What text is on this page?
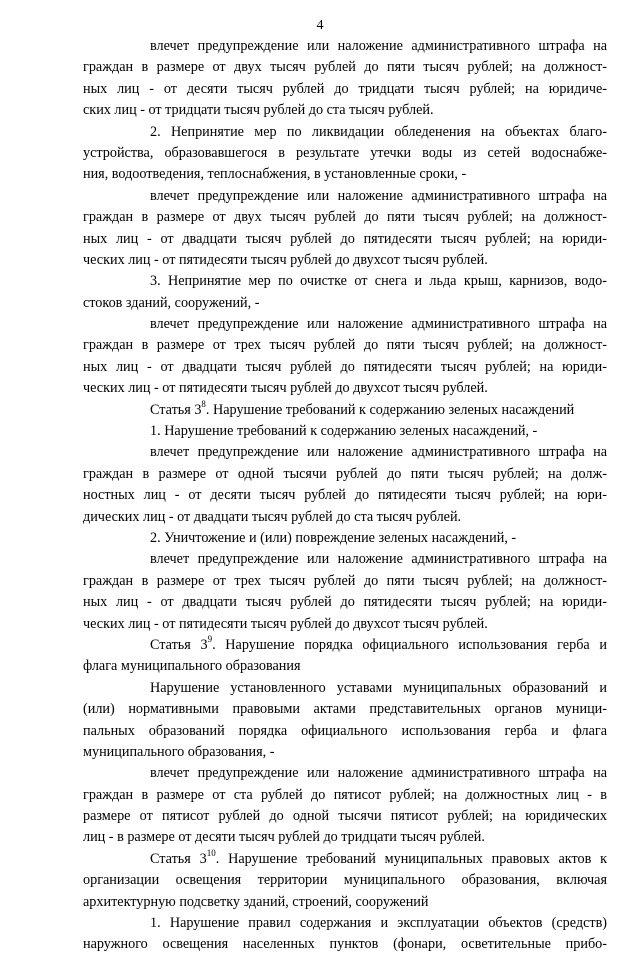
4
влечет предупреждение или наложение административного штрафа на
граждан в размере от двух тысяч рублей до пяти тысяч рублей; на должност-
ных лиц - от десяти тысяч рублей до тридцати тысяч рублей; на юридиче-
ских лиц - от тридцати тысяч рублей до ста тысяч рублей.
2. Непринятие мер по ликвидации обледенения на объектах благо-
устройства, образовавшегося в результате утечки воды из сетей водоснабже-
ния, водоотведения, теплоснабжения, в установленные сроки, -
влечет предупреждение или наложение административного штрафа на
граждан в размере от двух тысяч рублей до пяти тысяч рублей; на должност-
ных лиц - от двадцати тысяч рублей до пятидесяти тысяч рублей; на юриди-
ческих лиц - от пятидесяти тысяч рублей до двухсот тысяч рублей.
3. Непринятие мер по очистке от снега и льда крыш, карнизов, водо-
стоков зданий, сооружений, -
влечет предупреждение или наложение административного штрафа на
граждан в размере от трех тысяч рублей до пяти тысяч рублей; на должност-
ных лиц - от двадцати тысяч рублей до пятидесяти тысяч рублей; на юриди-
ческих лиц - от пятидесяти тысяч рублей до двухсот тысяч рублей.
Статья $3^8$. Нарушение требований к содержанию зеленых насаждений
1. Нарушение требований к содержанию зеленых насаждений, -
влечет предупреждение или наложение административного штрафа на
граждан в размере от одной тысячи рублей до пяти тысяч рублей; на долж-
ностных лиц - от десяти тысяч рублей до пятидесяти тысяч рублей; на юри-
дических лиц - от двадцати тысяч рублей до ста тысяч рублей.
2. Уничтожение и (или) повреждение зеленых насаждений, -
влечет предупреждение или наложение административного штрафа на
граждан в размере от трех тысяч рублей до пяти тысяч рублей; на должност-
ных лиц - от двадцати тысяч рублей до пятидесяти тысяч рублей; на юриди-
ческих лиц - от пятидесяти тысяч рублей до двухсот тысяч рублей.
Статья $3^9$. Нарушение порядка официального использования герба и
флага муниципального образования
Нарушение установленного уставами муниципальных образований и
(или) нормативными правовыми актами представительных органов муници-
пальных образований порядка официального использования герба и флага
муниципального образования, -
влечет предупреждение или наложение административного штрафа на
граждан в размере от ста рублей до пятисот рублей; на должностных лиц - в
размере от пятисот рублей до одной тысячи пятисот рублей; на юридических
лиц - в размере от десяти тысяч рублей до тридцати тысяч рублей.
Статья $3^{10}$. Нарушение требований муниципальных правовых актов к
организации освещения территории муниципального образования, включая
архитектурную подсветку зданий, строений, сооружений
1. Нарушение правил содержания и эксплуатации объектов (средств)
наружного освещения населенных пунктов (фонари, осветительные прибо-
